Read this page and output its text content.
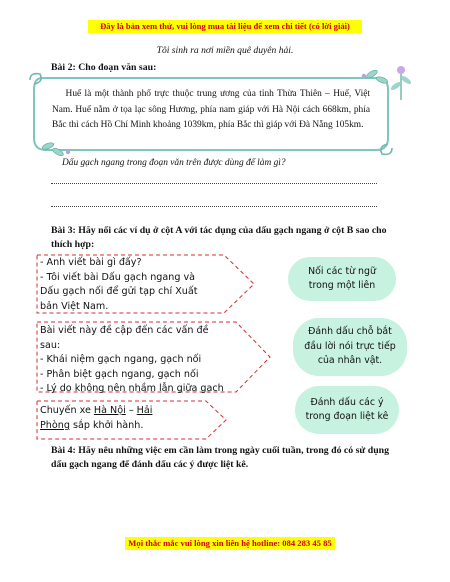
Đây là bản xem thử, vui lòng mua tài liệu để xem chi tiết (có lời giải)
Tôi sinh ra nơi miền quê duyên hải.
Bài 2: Cho đoạn văn sau:
Huế là một thành phố trực thuộc trung ương của tỉnh Thừa Thiên – Huế, Việt Nam. Huế nằm ở tọa lạc sông Hương, phía nam giáp với Hà Nội cách 668km, phía Bắc thì cách Hồ Chí Minh khoảng 1039km, phía Bắc thì giáp với Đà Nẵng 105km.
Dấu gạch ngang trong đoạn văn trên được dùng để làm gì?
Bài 3: Hãy nối các ví dụ ở cột A với tác dụng của dấu gạch ngang ở cột B sao cho thích hợp:
- Anh viết bài gì đấy?
- Tôi viết bài Dấu gạch ngang và
Dấu gạch nối để gửi tạp chí Xuất
bản Việt Nam.
Bài viết này đề cập đến các vấn đề
sau:
- Khái niệm gạch ngang, gạch nối
- Phân biệt gạch ngang, gạch nối
- Lý do không nên nhầm lẫn giữa gạch
Chuyến xe Hà Nội – Hải
Phòng sắp khởi hành.
Nối các từ ngữ trong một liên
Đánh dấu chỗ bắt đầu lời nói trực tiếp của nhân vật.
Đánh dấu các ý trong đoạn liệt kê
Bài 4: Hãy nêu những việc em cần làm trong ngày cuối tuần, trong đó có sử dụng dấu gạch ngang để đánh dấu các ý được liệt kê.
Mọi thắc mắc vui lòng xin liên hệ hotline: 084 283 45 85
